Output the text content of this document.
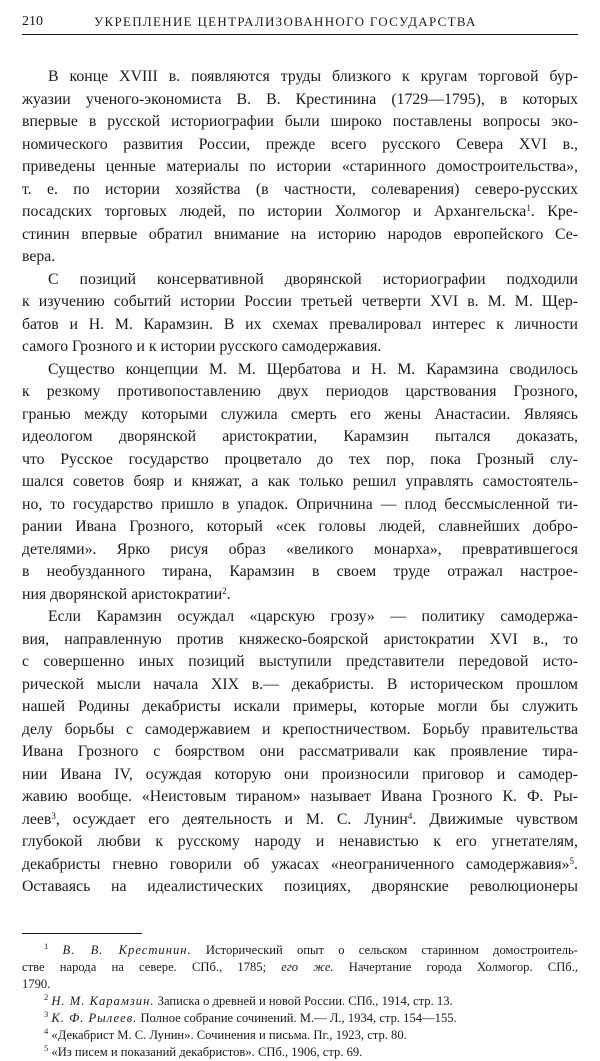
210	УКРЕПЛЕНИЕ ЦЕНТРАЛИЗОВАННОГО ГОСУДАРСТВА
В конце XVIII в. появляются труды близкого к кругам торговой бур-
жуазии ученого-экономиста В. В. Крестинина (1729—1795), в которых
впервые в русской историографии были широко поставлены вопросы эко-
номического развития России, прежде всего русского Севера XVI в.,
приведены ценные материалы по истории «старинного домостроительства»,
т. е. по истории хозяйства (в частности, солеварения) северо-русских
посадских торговых людей, по истории Холмогор и Архангельска$^1$. Кре-
стинин впервые обратил внимание на историю народов европейского Се-
вера.
С позиций консервативной дворянской историографии подходили
к изучению событий истории России третьей четверти XVI в. М. М. Щер-
батов и Н. М. Карамзин. В их схемах превалировал интерес к личности
самого Грозного и к истории русского самодержавия.
Существо концепции М. М. Щербатова и Н. М. Карамзина сводилось
к резкому противопоставлению двух периодов царствования Грозного,
гранью между которыми служила смерть его жены Анастасии. Являясь
идеологом дворянской аристократии, Карамзин пытался доказать,
что Русское государство процветало до тех пор, пока Грозный слу-
шался советов бояр и княжат, а как только решил управлять самостоятель-
но, то государство пришло в упадок. Опричнина — плод бессмысленной ти-
рании Ивана Грозного, который «сек головы людей, славнейших добро-
детелями». Ярко рисуя образ «великого монарха», превратившегося
в необузданного тирана, Карамзин в своем труде отражал настрое-
ния дворянской аристократии$^2$.
Если Карамзин осуждал «царскую грозу» — политику самодержа-
вия, направленную против княжеско-боярской аристократии XVI в., то
с совершенно иных позиций выступили представители передовой исто-
рической мысли начала XIX в.— декабристы. В историческом прошлом
нашей Родины декабристы искали примеры, которые могли бы служить
делу борьбы с самодержавием и крепостничеством. Борьбу правительства
Ивана Грозного с боярством они рассматривали как проявление тира-
нии Ивана IV, осуждая которую они произносили приговор и самодер-
жавию вообще. «Неистовым тираном» называет Ивана Грозного К. Ф. Ры-
леев$^3$, осуждает его деятельность и М. С. Лунин$^4$. Движимые чувством
глубокой любви к русскому народу и ненавистью к его угнетателям,
декабристы гневно говорили об ужасах «неограниченного самодержавия»$^5$.
Оставаясь на идеалистических позициях, дворянские революционеры
$^1$ В. В. Крестинин. Исторический опыт о сельском старинном домостроитель-
стве народа на севере. СПб., 1785; его же. Начертание города Холмогор. СПб.,
1790.
$^2$ Н. М. Карамзин. Записка о древней и новой России. СПб., 1914, стр. 13.
$^3$ К. Ф. Рылеев. Полное собрание сочинений. М.— Л., 1934, стр. 154—155.
$^4$ «Декабрист М. С. Лунин». Сочинения и письма. Пг., 1923, стр. 80.
$^5$ «Из писем и показаний декабристов». СПб., 1906, стр. 69.
